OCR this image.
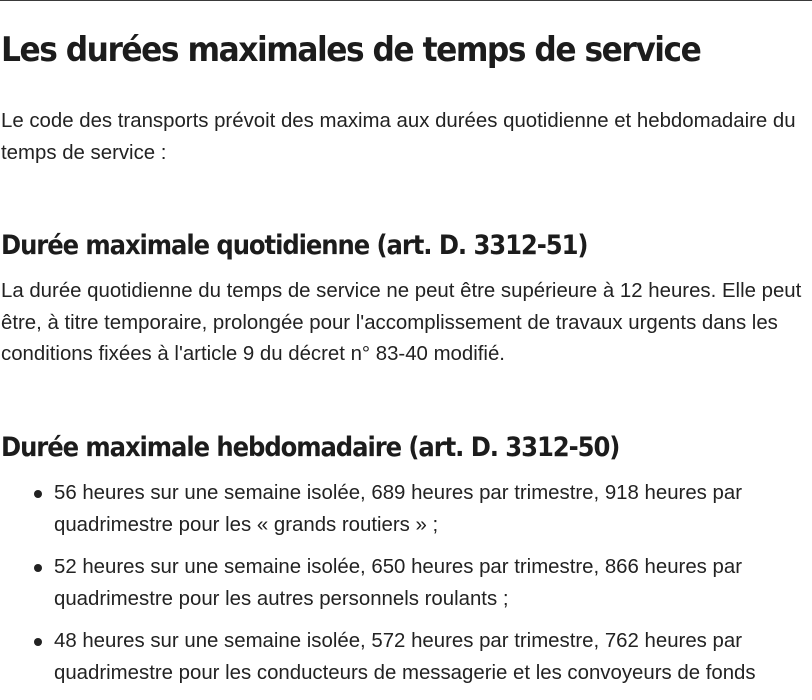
Les durées maximales de temps de service

Le code des transports prévoit des maxima aux durées quotidienne et hebdomadaire du temps de service :

Durée maximale quotidienne (art. D. 3312-51)

La durée quotidienne du temps de service ne peut être supérieure à 12 heures. Elle peut être, à titre temporaire, prolongée pour l'accomplissement de travaux urgents dans les conditions fixées à l'article 9 du décret n° 83-40 modifié.

Durée maximale hebdomadaire (art. D. 3312-50)
56 heures sur une semaine isolée, 689 heures par trimestre, 918 heures par quadrimestre pour les « grands routiers » ;
52 heures sur une semaine isolée, 650 heures par trimestre, 866 heures par quadrimestre pour les autres personnels roulants ;
48 heures sur une semaine isolée, 572 heures par trimestre, 762 heures par quadrimestre pour les conducteurs de messagerie et les convoyeurs de fonds
